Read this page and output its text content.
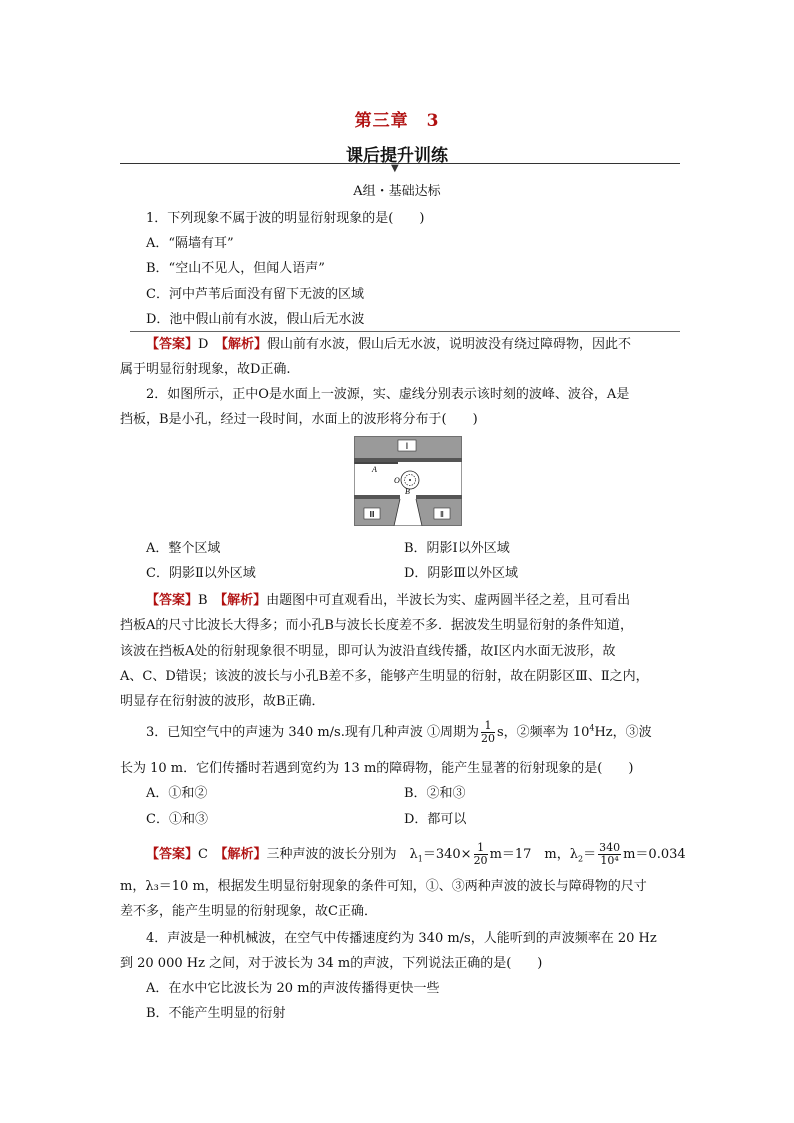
第三章　3
课后提升训练
▼
A组・基础达标
1．下列现象不属于波的明显衍射现象的是(　　)
A．“隔墙有耳”
B．“空山不见人，但闻人语声”
C．河中芦苇后面没有留下无波的区域
D．池中假山前有水波，假山后无水波
【答案】D　 【解析】假山前有水波，假山后无水波，说明波没有绕过障碍物，因此不
属于明显衍射现象，故D正确.
2．如图所示，正中O是水面上一波源，实、虚线分别表示该时刻的波峰、波谷，A是
挡板，B是小孔，经过一段时间，水面上的波形将分布于(　　)
Ⅰ
A
O
B
Ⅲ	Ⅱ
A．整个区域	B．阴影Ⅰ以外区域
C．阴影Ⅱ以外区域	D．阴影Ⅲ以外区域
【答案】B　 【解析】由题图中可直观看出，半波长为实、虚两圆半径之差，且可看出
挡板A的尺寸比波长大得多；而小孔B与波长长度差不多．据波发生明显衍射的条件知道，
该波在挡板A处的衍射现象很不明显，即可认为波沿直线传播，故Ⅰ区内水面无波形，故
A、C、D错误；该波的波长与小孔B差不多，能够产生明显的衍射，故在阴影区Ⅲ、Ⅱ之内，
明显存在衍射波的波形，故B正确．
3．已知空气中的声速为 340 m/s.现有几种声波 ①周期为 $\frac{1}{20}$ s，②频率为 $10^4Hz$，③波
长为 10 m．它们传播时若遇到宽约为 13 m的障碍物，能产生显著的衍射现象的是(　　)
A．①和②	B．②和③
C．①和③	D．都可以
【答案】C　 【解析】三种声波的波长分别为　$\lambda_1=340\times \frac{1}{20} m=17$　m，$\lambda_2= \frac{340}{\text{10⁴}} m=0.034$
m，λ₃＝10 m，根据发生明显衍射现象的条件可知，①、③两种声波的波长与障碍物的尺寸
差不多，能产生明显的衍射现象，故C正确．
4．声波是一种机械波，在空气中传播速度约为 340 m/s，人能听到的声波频率在 20 Hz
到 20 000 Hz 之间，对于波长为 34 m的声波，下列说法正确的是(　　)
A．在水中它比波长为 20 m的声波传播得更快一些
B．不能产生明显的衍射
